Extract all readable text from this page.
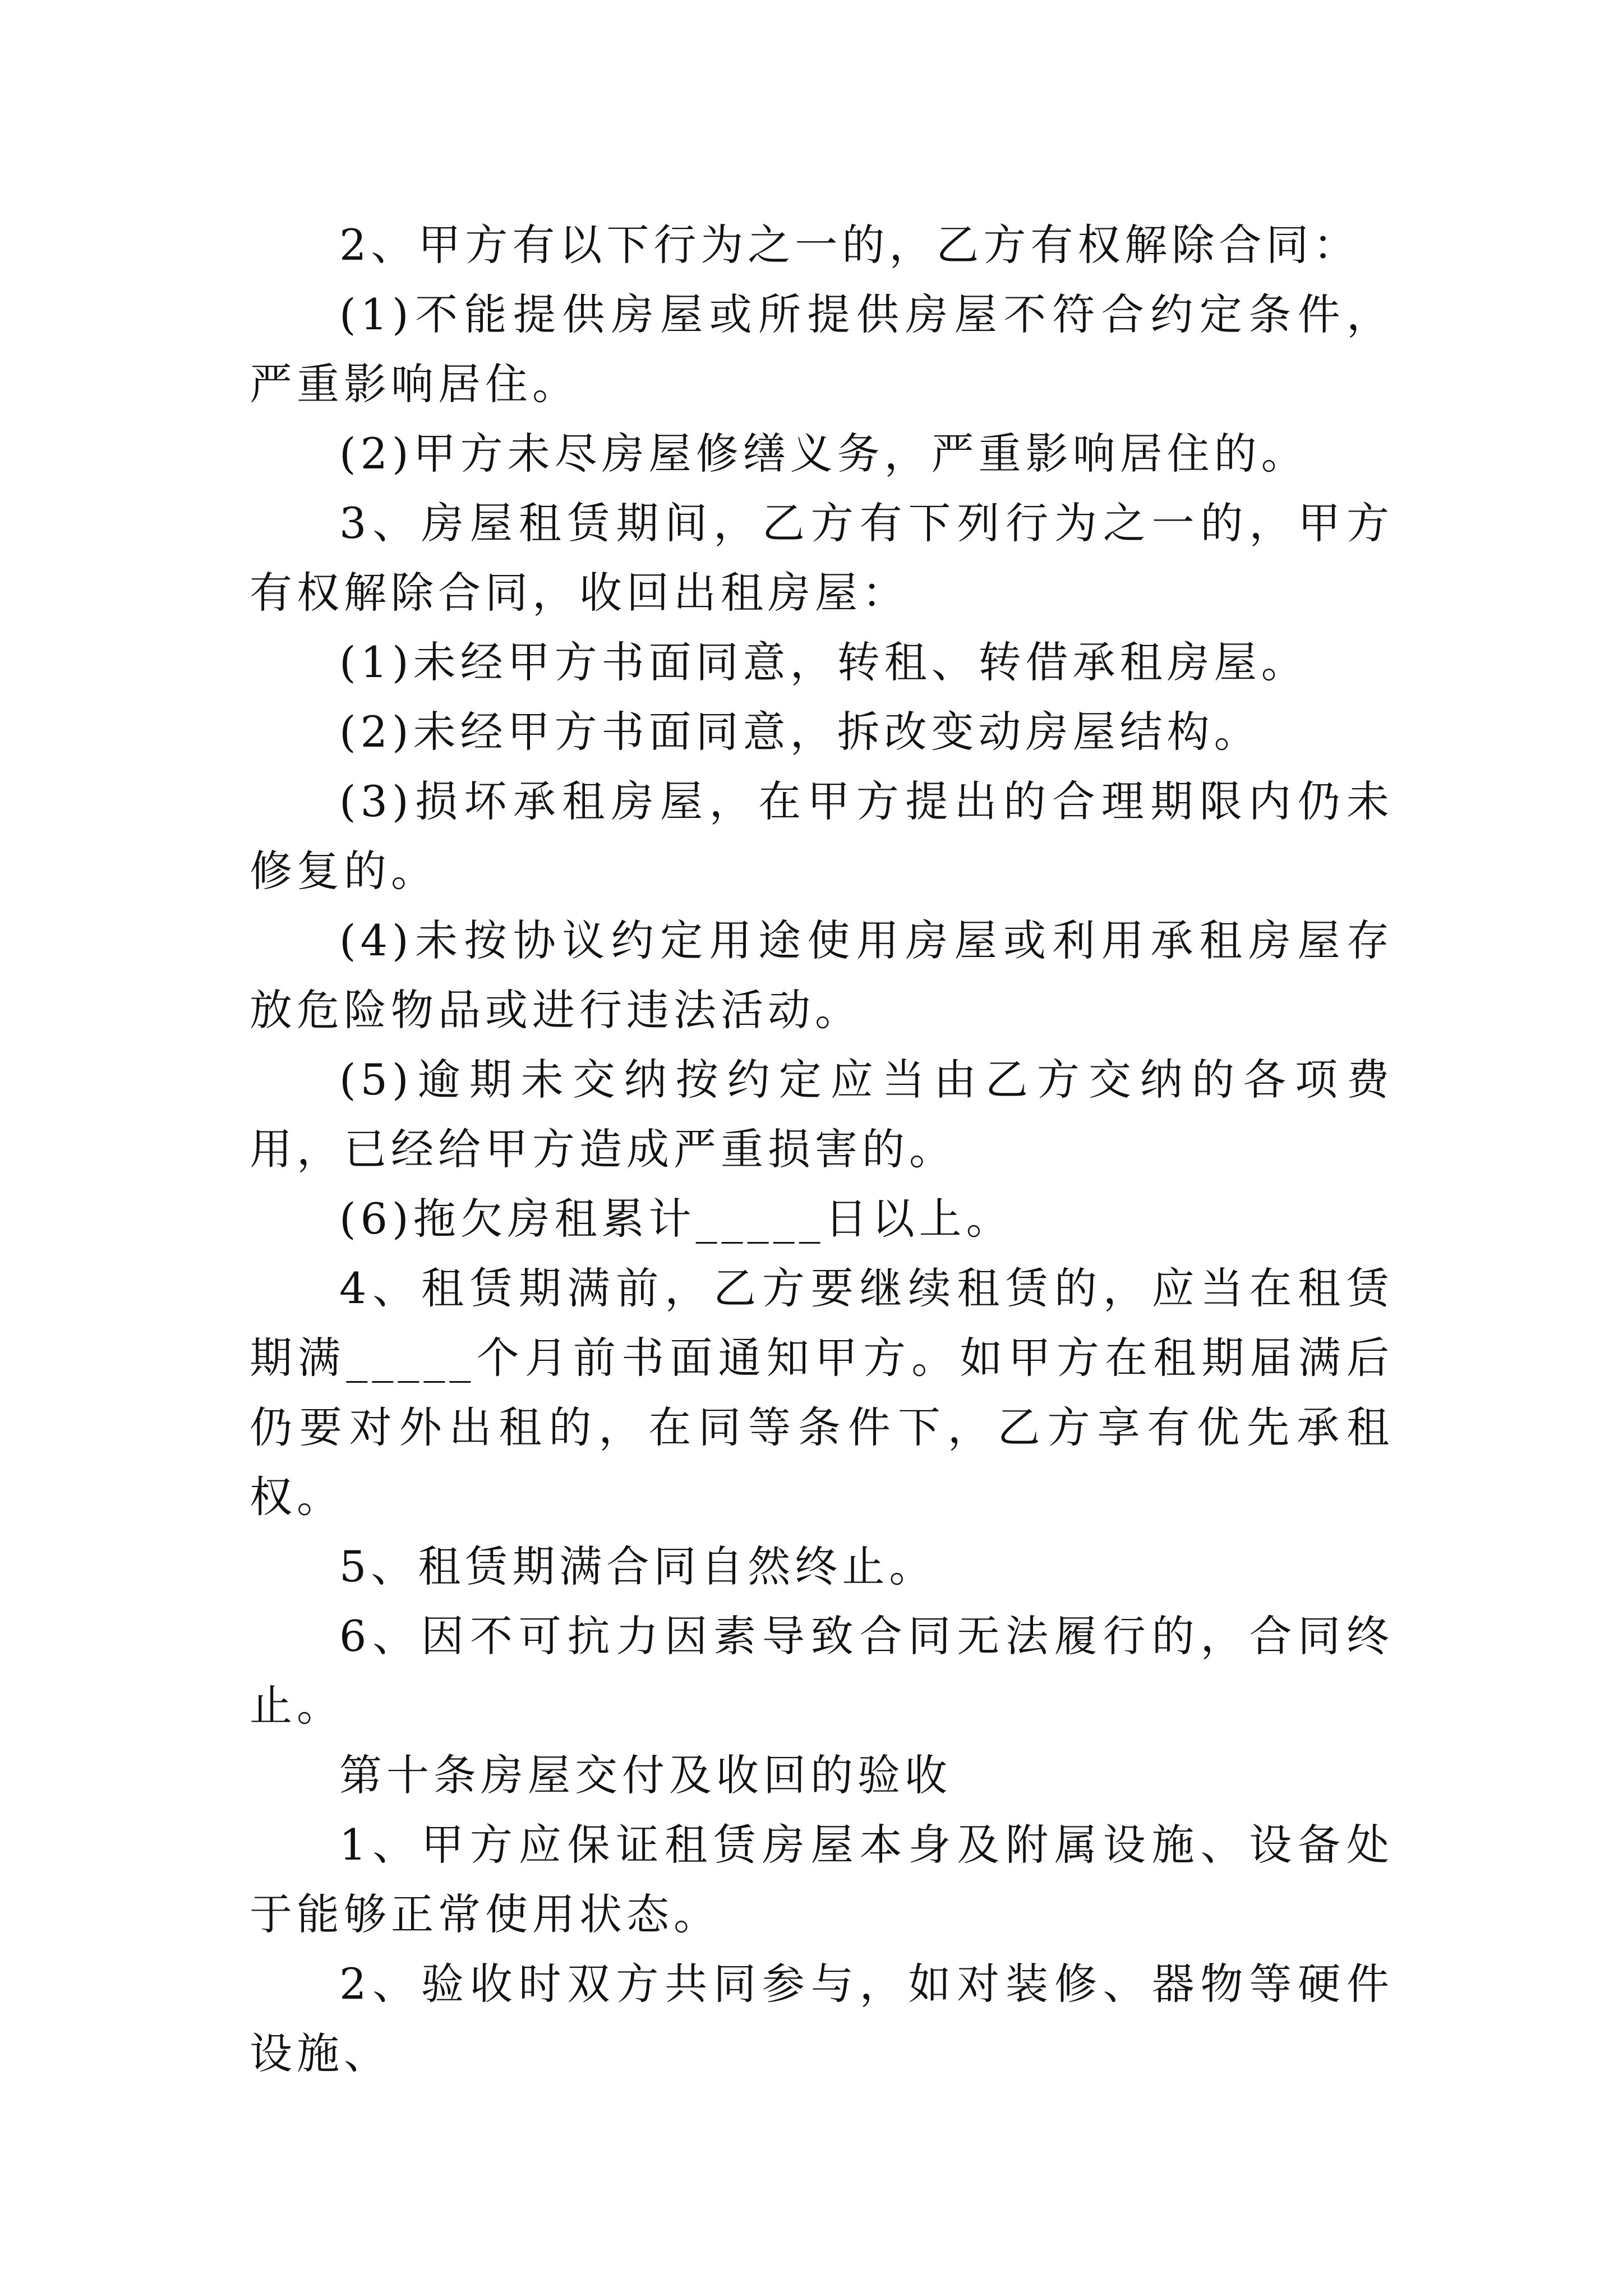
2、甲方有以下行为之一的，乙方有权解除合同：

(1)不能提供房屋或所提供房屋不符合约定条件，严重影响居住。

(2)甲方未尽房屋修缮义务，严重影响居住的。

3、房屋租赁期间，乙方有下列行为之一的，甲方有权解除合同，收回出租房屋：

(1)未经甲方书面同意，转租、转借承租房屋。

(2)未经甲方书面同意，拆改变动房屋结构。

(3)损坏承租房屋，在甲方提出的合理期限内仍未修复的。

(4)未按协议约定用途使用房屋或利用承租房屋存放危险物品或进行违法活动。

(5)逾期未交纳按约定应当由乙方交纳的各项费用，已经给甲方造成严重损害的。

(6)拖欠房租累计_____日以上。

4、租赁期满前，乙方要继续租赁的，应当在租赁期满_____个月前书面通知甲方。如甲方在租期届满后仍要对外出租的，在同等条件下，乙方享有优先承租权。

5、租赁期满合同自然终止。

6、因不可抗力因素导致合同无法履行的，合同终止。

第十条房屋交付及收回的验收

1、甲方应保证租赁房屋本身及附属设施、设备处于能够正常使用状态。

2、验收时双方共同参与，如对装修、器物等硬件设施、
